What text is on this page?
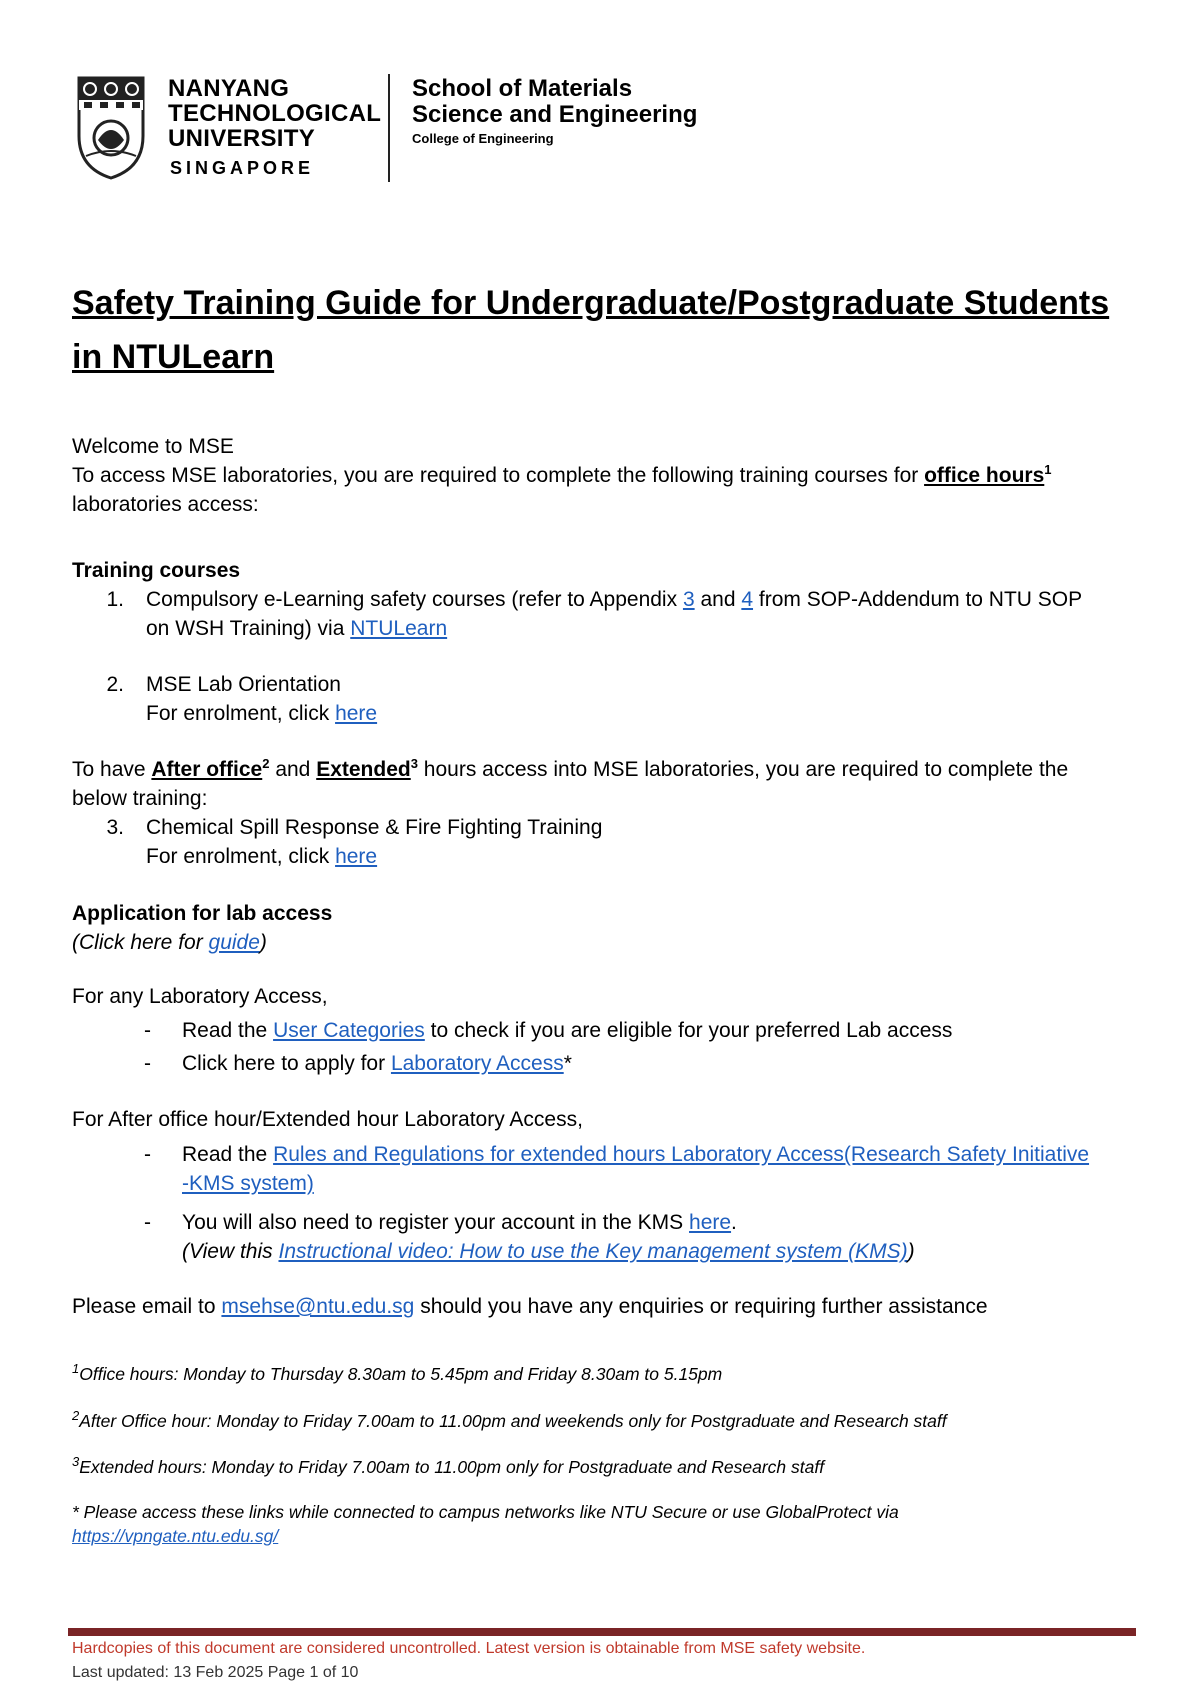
NANYANG
TECHNOLOGICAL
UNIVERSITY
SINGAPORE
School of Materials
Science and Engineering
College of Engineering
Safety Training Guide for Undergraduate/Postgraduate Students in NTULearn
Welcome to MSE
To access MSE laboratories, you are required to complete the following training courses for office hours$^1$
laboratories access:
Training courses
1. Compulsory e-Learning safety courses (refer to Appendix 3 and 4 from SOP-Addendum to NTU SOP
on WSH Training) via NTULearn
2. MSE Lab Orientation
For enrolment, click here
To have After office$^2$ and Extended$^3$ hours access into MSE laboratories, you are required to complete the
below training:
3. Chemical Spill Response & Fire Fighting Training
For enrolment, click here
Application for lab access
(Click here for guide)
For any Laboratory Access,
- Read the User Categories to check if you are eligible for your preferred Lab access
- Click here to apply for Laboratory Access*
For After office hour/Extended hour Laboratory Access,
- Read the Rules and Regulations for extended hours Laboratory Access(Research Safety Initiative
-KMS system)
- You will also need to register your account in the KMS here.
(View this Instructional video: How to use the Key management system (KMS))
Please email to msehse@ntu.edu.sg should you have any enquiries or requiring further assistance
$^1$Office hours: Monday to Thursday 8.30am to 5.45pm and Friday 8.30am to 5.15pm
$^2$After Office hour: Monday to Friday 7.00am to 11.00pm and weekends only for Postgraduate and Research staff
$^3$Extended hours: Monday to Friday 7.00am to 11.00pm only for Postgraduate and Research staff
* Please access these links while connected to campus networks like NTU Secure or use GlobalProtect via
https://vpngate.ntu.edu.sg/
Hardcopies of this document are considered uncontrolled. Latest version is obtainable from MSE safety website.
Last updated: 13 Feb 2025 Page 1 of 10
